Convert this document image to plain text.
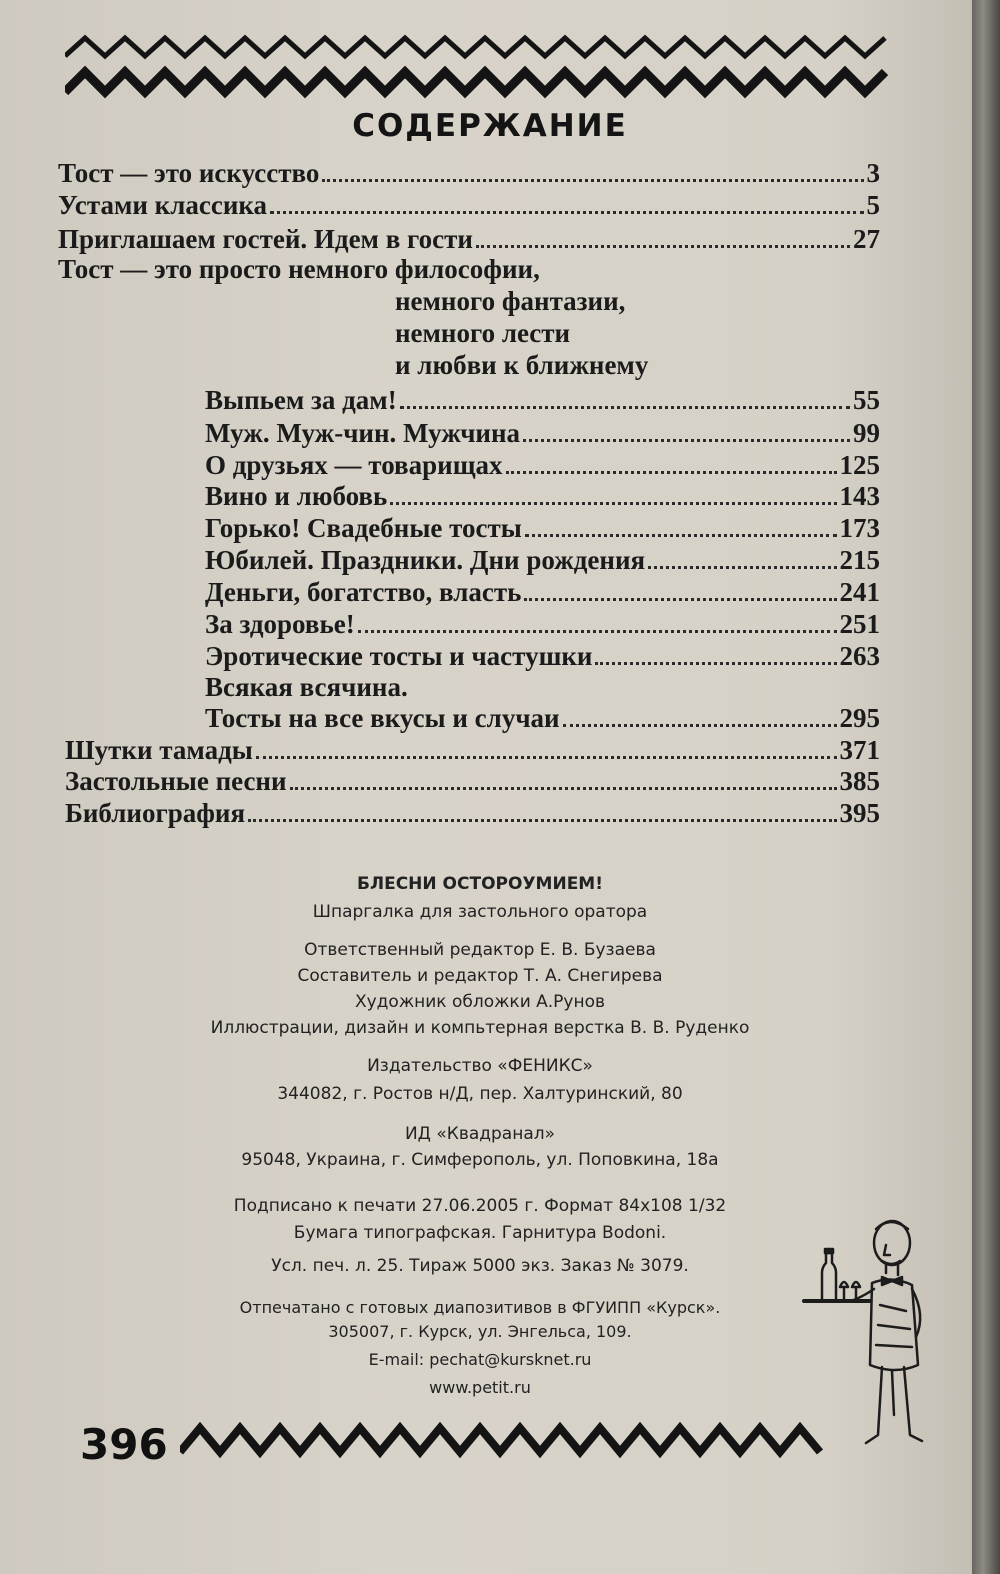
СОДЕРЖАНИЕ
Тост — это искусство	3
Устами классика	5
Приглашаем гостей. Идем в гости	27
Тост — это просто немного философии,
немного фантазии,
немного лести
и любви к ближнему
Выпьем за дам!	55
Муж. Муж-чин. Мужчина	99
О друзьях — товарищах	125
Вино и любовь	143
Горько! Свадебные тосты	173
Юбилей. Праздники. Дни рождения	215
Деньги, богатство, власть	241
За здоровье!	251
Эротические тосты и частушки	263
Всякая всячина.
Тосты на все вкусы и случаи	295
Шутки тамады	371
Застольные песни	385
Библиография	395
БЛЕСНИ ОСТОРОУМИЕМ!
Шпаргалка для застольного оратора
Ответственный редактор Е. В. Бузаева
Составитель и редактор Т. А. Снегирева
Художник обложки А.Рунов
Иллюстрации, дизайн и компьтерная верстка В. В. Руденко
Издательство «ФЕНИКС»
344082, г. Ростов н/Д, пер. Халтуринский, 80
ИД «Квадранал»
95048, Украина, г. Симферополь, ул. Поповкина, 18а
Подписано к печати 27.06.2005 г. Формат 84x108 1/32
Бумага типографская. Гарнитура Bodoni.
Усл. печ. л. 25. Тираж 5000 экз. Заказ № 3079.
Отпечатано с готовых диапозитивов в ФГУИПП «Курск».
305007, г. Курск, ул. Энгельса, 109.
E-mail: pechat@kursknet.ru
www.petit.ru
396
